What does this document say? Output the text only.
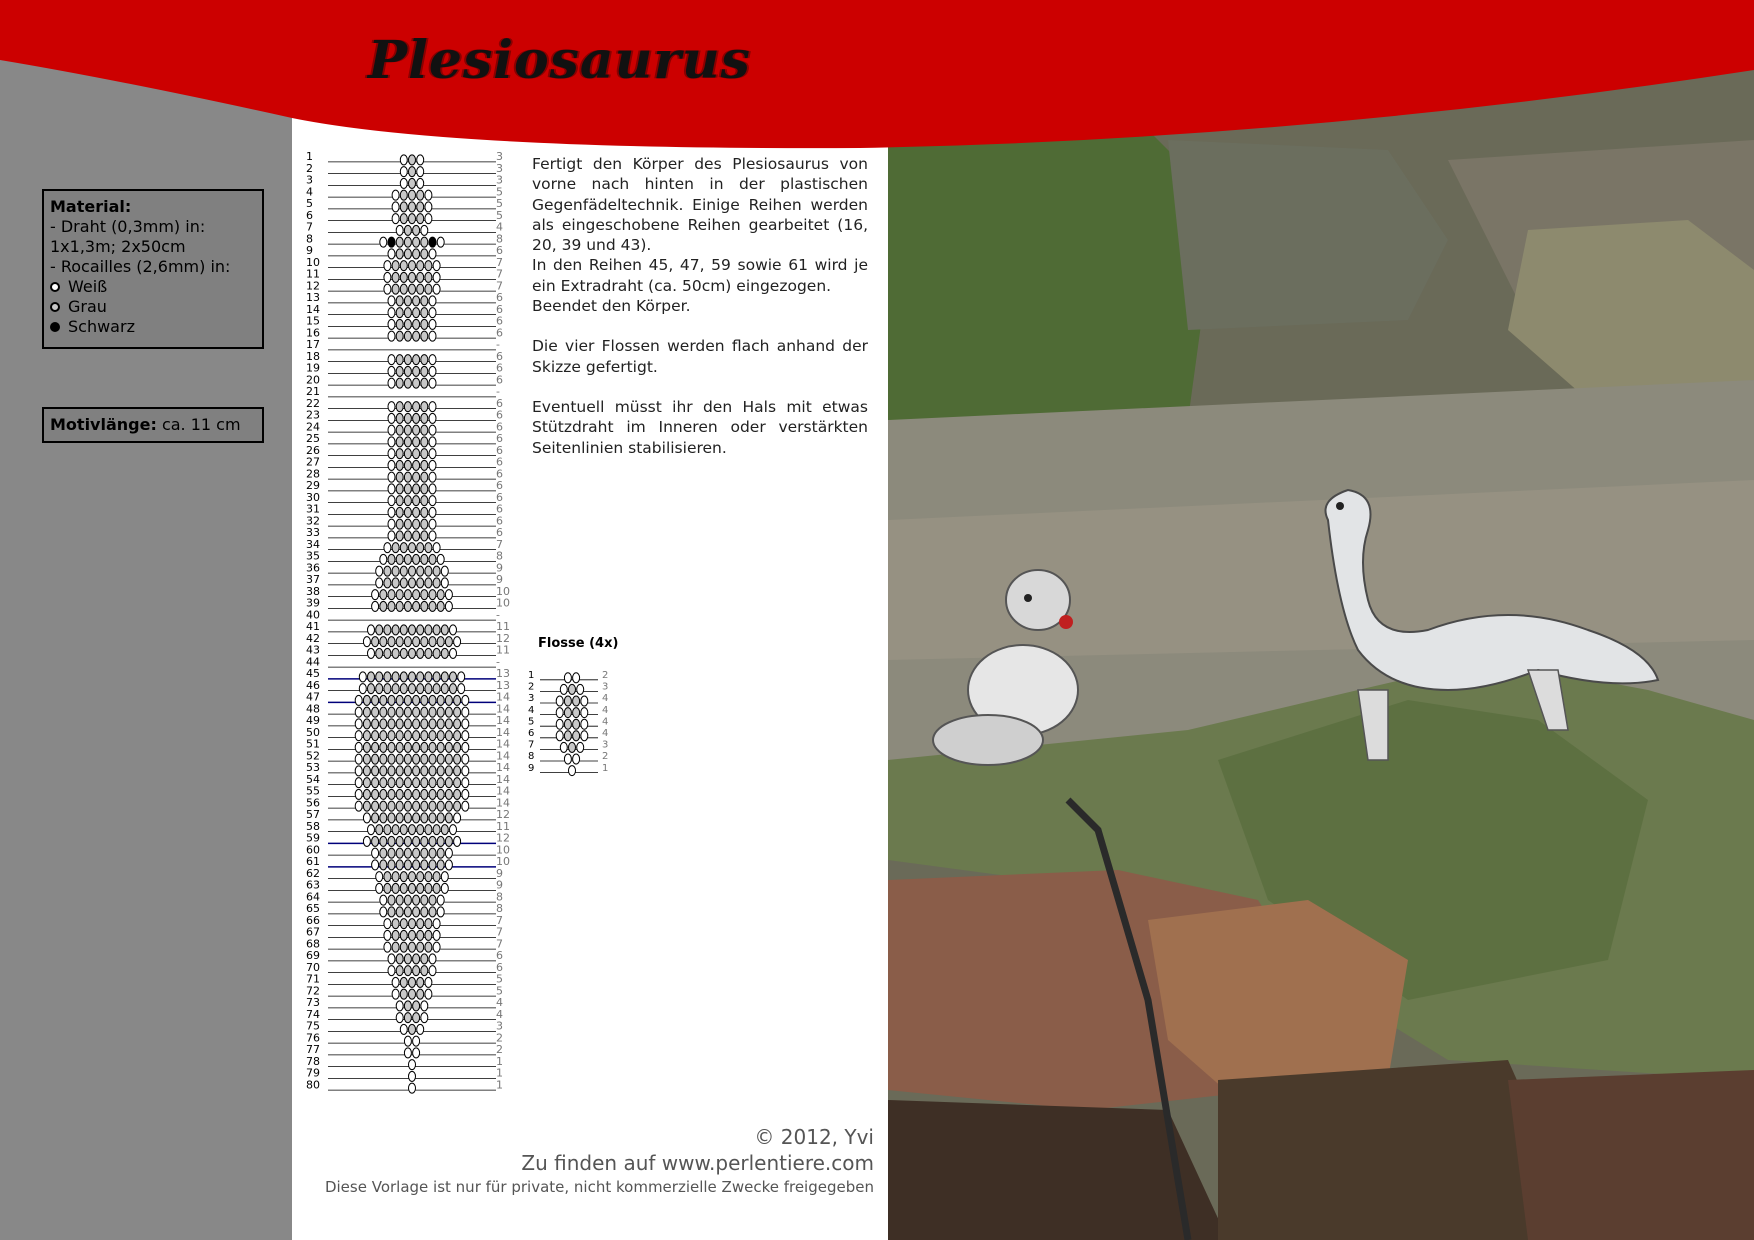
Plesiosaurus
Material:
- Draht (0,3mm) in:
1x1,3m; 2x50cm
- Rocailles (2,6mm) in:
Weiß
Grau
Schwarz
Motivlänge: ca. 11 cm
1	3
2	3
3	3
4	5
5	5
6	5
7	4
8	8
9	6
10	7
11	7
12	7
13	6
14	6
15	6
16	6
17	-
18	6
19	6
20	6
21	-
22	6
23	6
24	6
25	6
26	6
27	6
28	6
29	6
30	6
31	6
32	6
33	6
34	7
35	8
36	9
37	9
38	10
39	10
40	-
41	11
42	12
43	11
44	-
45	13
46	13
47	14
48	14
49	14
50	14
51	14
52	14
53	14
54	14
55	14
56	14
57	12
58	11
59	12
60	10
61	10
62	9
63	9
64	8
65	8
66	7
67	7
68	7
69	6
70	6
71	5
72	5
73	4
74	4
75	3
76	2
77	2
78	1
79	1
80	1

Fertigt den Körper des Plesiosaurus von vorne nach hinten in der plastischen Gegenfädeltechnik. Einige Reihen werden als eingeschobene Reihen gearbeitet (16, 20, 39 und 43).
In den Reihen 45, 47, 59 sowie 61 wird je ein Extradraht (ca. 50cm) eingezogen.
Beendet den Körper.

Die vier Flossen werden flach anhand der Skizze gefertigt.

Eventuell müsst ihr den Hals mit etwas Stützdraht im Inneren oder verstärkten Seitenlinien stabilisieren.

Flosse (4x)
1	2
2	3
3	4
4	4
5	4
6	4
7	3
8	2
9	1
© 2012, Yvi
Zu finden auf www.perlentiere.com
Diese Vorlage ist nur für private, nicht kommerzielle Zwecke freigegeben
